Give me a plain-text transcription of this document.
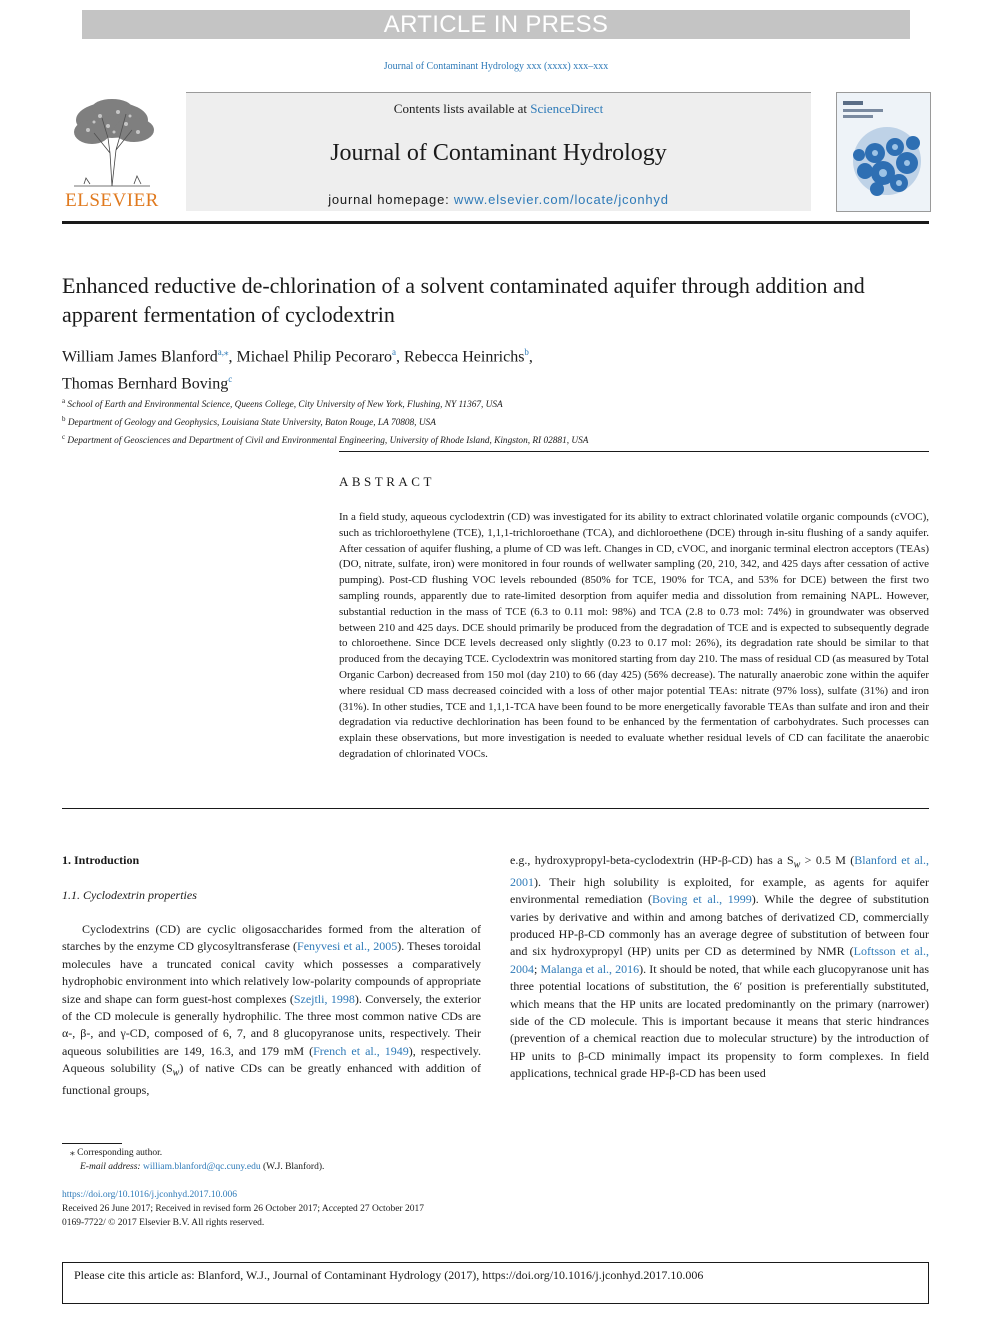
ARTICLE IN PRESS
Journal of Contaminant Hydrology xxx (xxxx) xxx–xxx
ELSEVIER
Contents lists available at ScienceDirect
Journal of Contaminant Hydrology
journal homepage: www.elsevier.com/locate/jconhyd
Enhanced reductive de-chlorination of a solvent contaminated aquifer through addition and apparent fermentation of cyclodextrin
William James Blanford$^{a,⁎}$, Michael Philip Pecoraro$^a$, Rebecca Heinrichs$^b$,
Thomas Bernhard Boving$^c$
$^a$ School of Earth and Environmental Science, Queens College, City University of New York, Flushing, NY 11367, USA
$^b$ Department of Geology and Geophysics, Louisiana State University, Baton Rouge, LA 70808, USA
$^c$ Department of Geosciences and Department of Civil and Environmental Engineering, University of Rhode Island, Kingston, RI 02881, USA
ABSTRACT

In a field study, aqueous cyclodextrin (CD) was investigated for its ability to extract chlorinated volatile organic compounds (cVOC), such as trichloroethylene (TCE), 1,1,1-trichloroethane (TCA), and dichloroethene (DCE) through in-situ flushing of a sandy aquifer. After cessation of aquifer flushing, a plume of CD was left. Changes in CD, cVOC, and inorganic terminal electron acceptors (TEAs) (DO, nitrate, sulfate, iron) were monitored in four rounds of wellwater sampling (20, 210, 342, and 425 days after cessation of active pumping). Post-CD flushing VOC levels rebounded (850% for TCE, 190% for TCA, and 53% for DCE) between the first two sampling rounds, apparently due to rate-limited desorption from aquifer media and dissolution from remaining NAPL. However, substantial reduction in the mass of TCE (6.3 to 0.11 mol: 98%) and TCA (2.8 to 0.73 mol: 74%) in groundwater was observed between 210 and 425 days. DCE should primarily be produced from the degradation of TCE and is expected to subsequently degrade to chloroethene. Since DCE levels decreased only slightly (0.23 to 0.17 mol: 26%), its degradation rate should be similar to that produced from the decaying TCE. Cyclodextrin was monitored starting from day 210. The mass of residual CD (as measured by Total Organic Carbon) decreased from 150 mol (day 210) to 66 (day 425) (56% decrease). The naturally anaerobic zone within the aquifer where residual CD mass decreased coincided with a loss of other major potential TEAs: nitrate (97% loss), sulfate (31%) and iron (31%). In other studies, TCE and 1,1,1-TCA have been found to be more energetically favorable TEAs than sulfate and iron and their degradation via reductive dechlorination has been found to be enhanced by the fermentation of carbohydrates. Such processes can explain these observations, but more investigation is needed to evaluate whether residual levels of CD can facilitate the anaerobic degradation of chlorinated VOCs.

1. Introduction
1.1. Cyclodextrin properties

Cyclodextrins (CD) are cyclic oligosaccharides formed from the alteration of starches by the enzyme CD glycosyltransferase (Fenyvesi et al., 2005). Theses toroidal molecules have a truncated conical cavity which possesses a comparatively hydrophobic environment into which relatively low-polarity compounds of appropriate size and shape can form guest-host complexes (Szejtli, 1998). Conversely, the exterior of the CD molecule is generally hydrophilic. The three most common native CDs are α-, β-, and γ-CD, composed of 6, 7, and 8 glucopyranose units, respectively. Their aqueous solubilities are 149, 16.3, and 179 mM (French et al., 1949), respectively. Aqueous solubility $(S_w)$ of native CDs can be greatly enhanced with addition of functional groups,

e.g., hydroxypropyl-beta-cyclodextrin (HP-β-CD) has a $S_w > 0.5$ M (Blanford et al., 2001). Their high solubility is exploited, for example, as agents for aquifer environmental remediation (Boving et al., 1999). While the degree of substitution varies by derivative and within and among batches of derivatized CD, commercially produced HP-β-CD commonly has an average degree of substitution of between four and six hydroxypropyl (HP) units per CD as determined by NMR (Loftsson et al., 2004; Malanga et al., 2016). It should be noted, that while each glucopyranose unit has three potential locations of substitution, the 6′ position is preferentially substituted, which means that the HP units are located predominantly on the primary (narrower) side of the CD molecule. This is important because it means that steric hindrances (prevention of a chemical reaction due to molecular structure) by the introduction of HP units to β-CD minimally impact its propensity to form complexes. In field applications, technical grade HP-β-CD has been used

⁎ Corresponding author.
E-mail address: william.blanford@qc.cuny.edu (W.J. Blanford).
https://doi.org/10.1016/j.jconhyd.2017.10.006
Received 26 June 2017; Received in revised form 26 October 2017; Accepted 27 October 2017
0169-7722/ © 2017 Elsevier B.V. All rights reserved.
Please cite this article as: Blanford, W.J., Journal of Contaminant Hydrology (2017), https://doi.org/10.1016/j.jconhyd.2017.10.006
